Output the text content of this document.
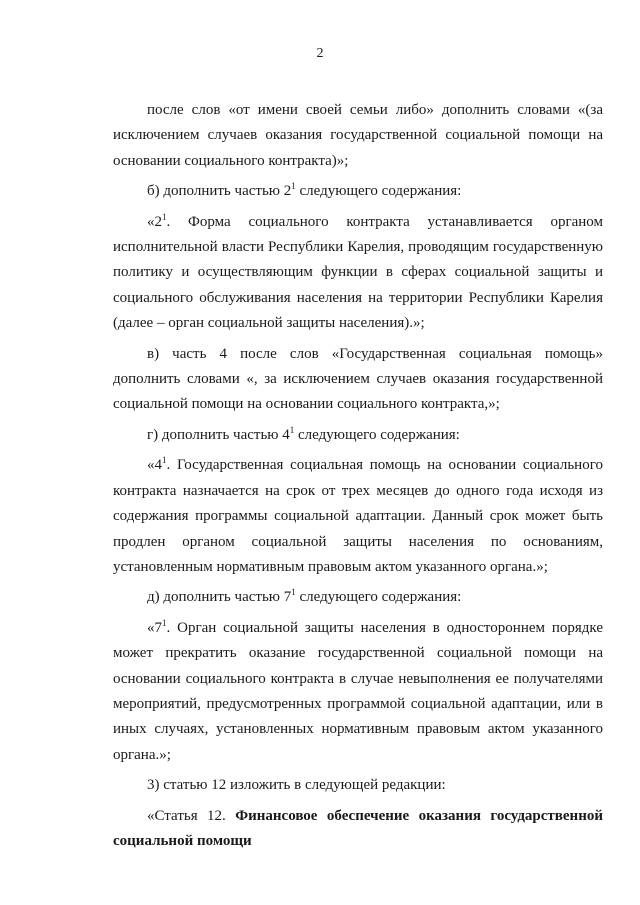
2

после слов «от имени своей семьи либо» дополнить словами «(за исключением случаев оказания государственной социальной помощи на основании социального контракта)»;

б) дополнить частью $2^1$ следующего содержания:

«$2^1$. Форма социального контракта устанавливается органом исполнительной власти Республики Карелия, проводящим государственную политику и осуществляющим функции в сферах социальной защиты и социального обслуживания населения на территории Республики Карелия (далее – орган социальной защиты населения).»;

в) часть 4 после слов «Государственная социальная помощь» дополнить словами «, за исключением случаев оказания государственной социальной помощи на основании социального контракта,»;

г) дополнить частью $4^1$ следующего содержания:

«$4^1$. Государственная социальная помощь на основании социального контракта назначается на срок от трех месяцев до одного года исходя из содержания программы социальной адаптации. Данный срок может быть продлен органом социальной защиты населения по основаниям, установленным нормативным правовым актом указанного органа.»;

д) дополнить частью $7^1$ следующего содержания:

«$7^1$. Орган социальной защиты населения в одностороннем порядке может прекратить оказание государственной социальной помощи на основании социального контракта в случае невыполнения ее получателями мероприятий, предусмотренных программой социальной адаптации, или в иных случаях, установленных нормативным правовым актом указанного органа.»;

3) статью 12 изложить в следующей редакции:

«Статья 12. Финансовое обеспечение оказания государственной социальной помощи
